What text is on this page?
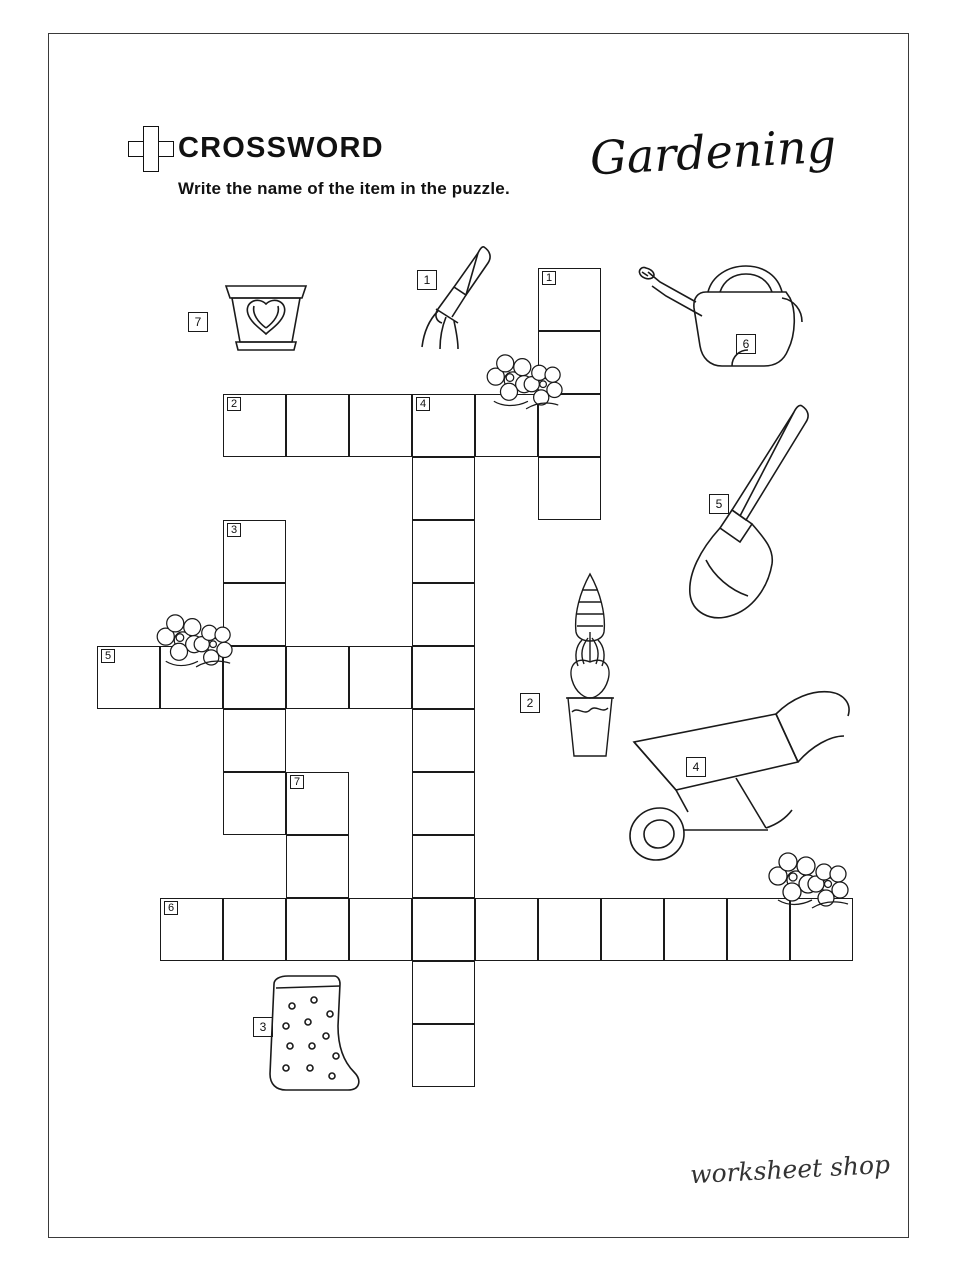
CROSSWORD
Write the name of the item in the puzzle.
Gardening
worksheet shop
1
2	4
3
5
7
6
7
1
6
5
2
4
3
